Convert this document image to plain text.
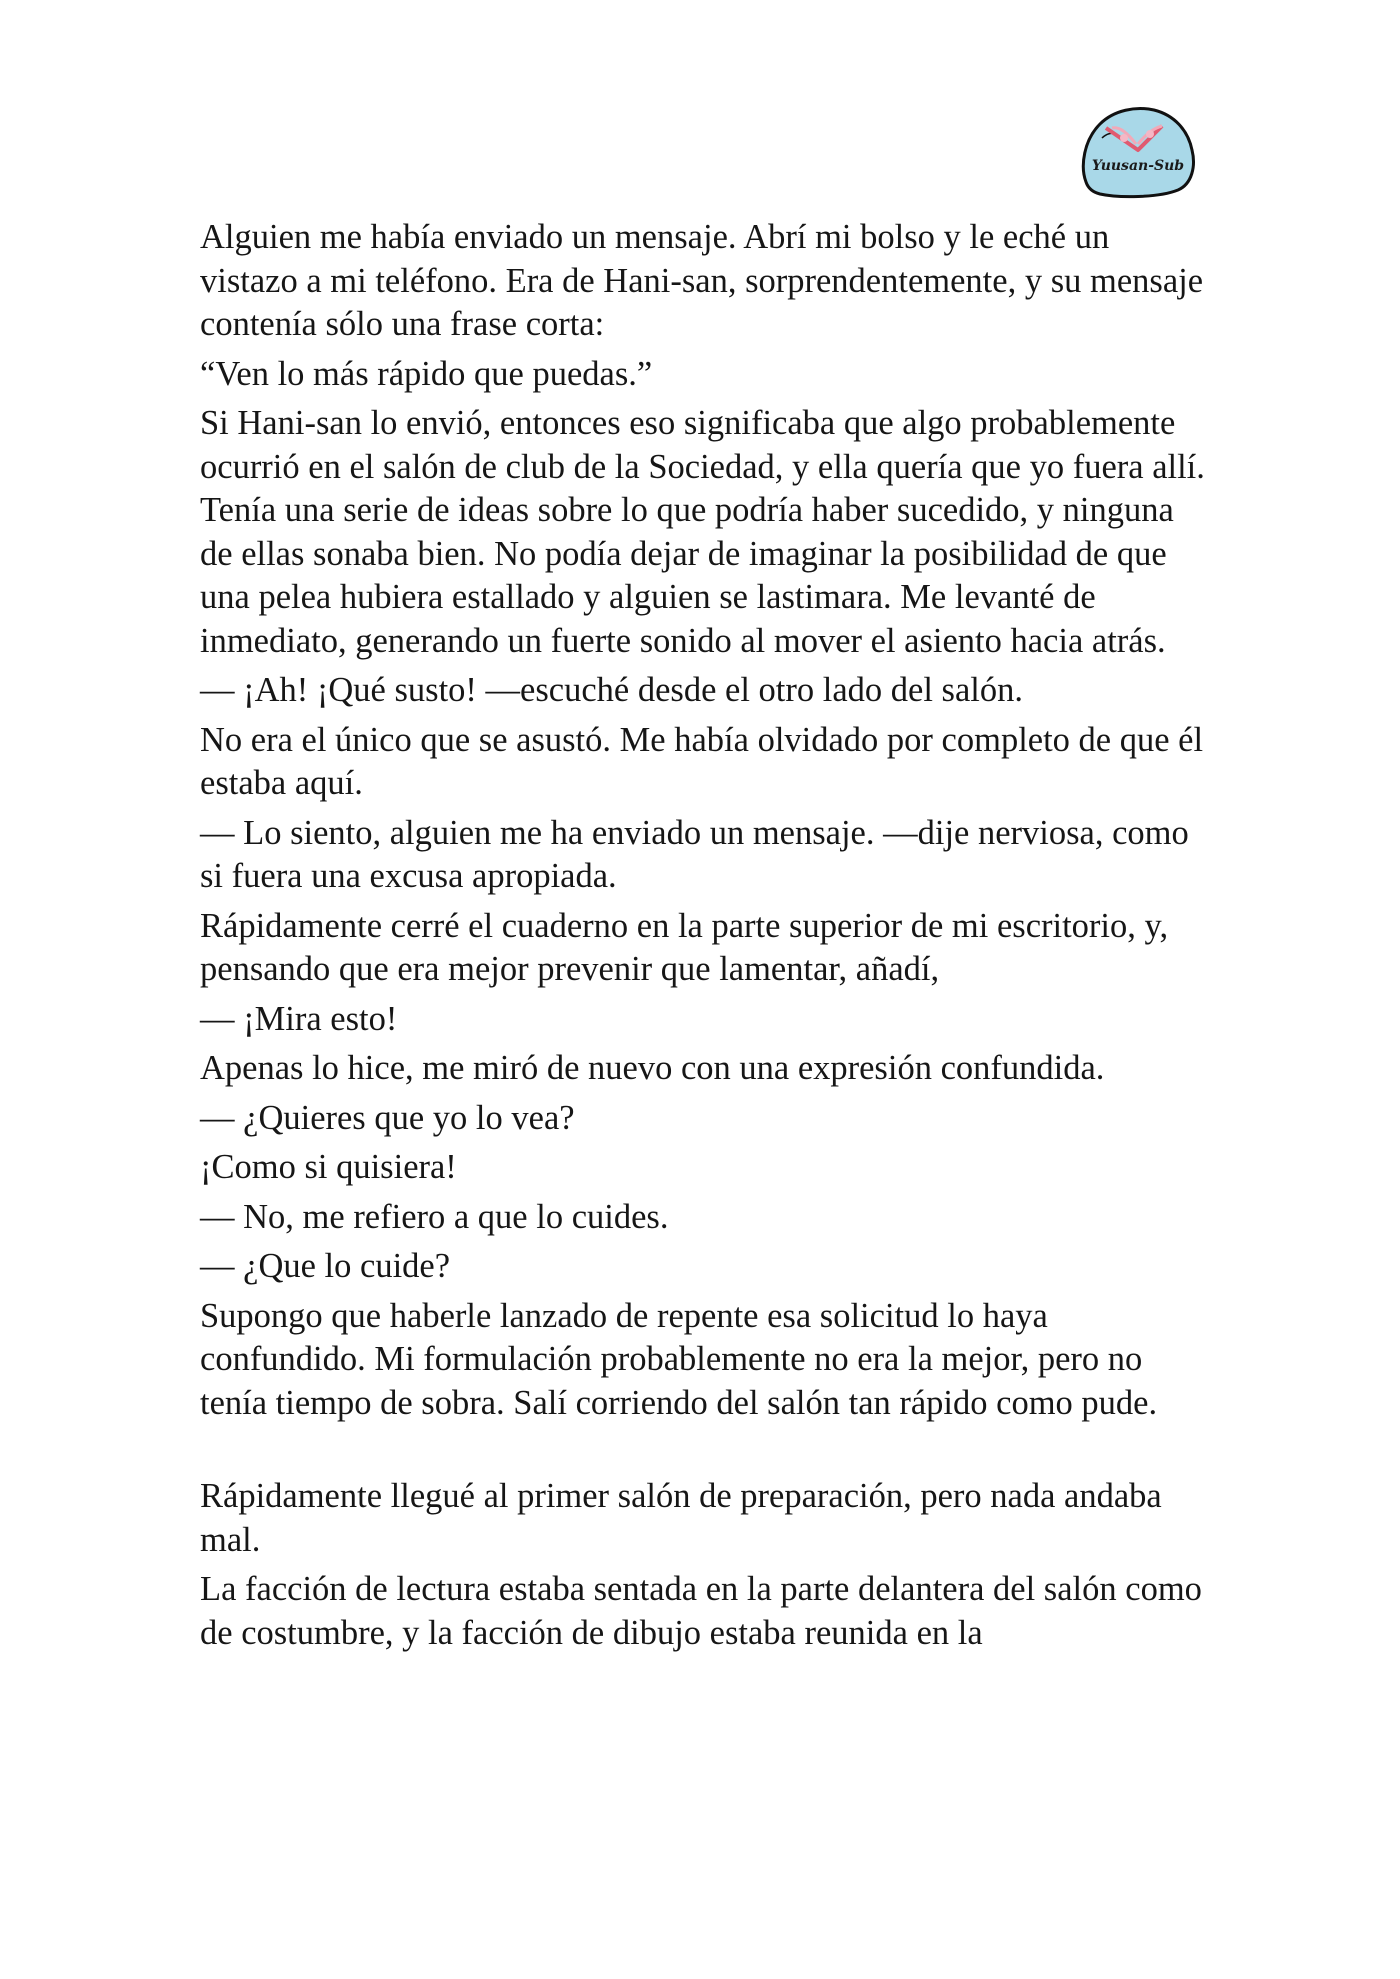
Yuusan-Sub

Alguien me había enviado un mensaje. Abrí mi bolso y le eché un vistazo a mi teléfono. Era de Hani-san, sorprendentemente, y su mensaje contenía sólo una frase corta:

“Ven lo más rápido que puedas.”

Si Hani-san lo envió, entonces eso significaba que algo probablemente ocurrió en el salón de club de la Sociedad, y ella quería que yo fuera allí. Tenía una serie de ideas sobre lo que podría haber sucedido, y ninguna de ellas sonaba bien. No podía dejar de imaginar la posibilidad de que una pelea hubiera estallado y alguien se lastimara. Me levanté de inmediato, generando un fuerte sonido al mover el asiento hacia atrás.

— ¡Ah! ¡Qué susto! —escuché desde el otro lado del salón.

No era el único que se asustó. Me había olvidado por completo de que él estaba aquí.

— Lo siento, alguien me ha enviado un mensaje. —dije nerviosa, como si fuera una excusa apropiada.

Rápidamente cerré el cuaderno en la parte superior de mi escritorio, y, pensando que era mejor prevenir que lamentar, añadí,

— ¡Mira esto!

Apenas lo hice, me miró de nuevo con una expresión confundida.

— ¿Quieres que yo lo vea?

¡Como si quisiera!

— No, me refiero a que lo cuides.

— ¿Que lo cuide?

Supongo que haberle lanzado de repente esa solicitud lo haya confundido. Mi formulación probablemente no era la mejor, pero no tenía tiempo de sobra. Salí corriendo del salón tan rápido como pude.

Rápidamente llegué al primer salón de preparación, pero nada andaba mal.

La facción de lectura estaba sentada en la parte delantera del salón como de costumbre, y la facción de dibujo estaba reunida en la
